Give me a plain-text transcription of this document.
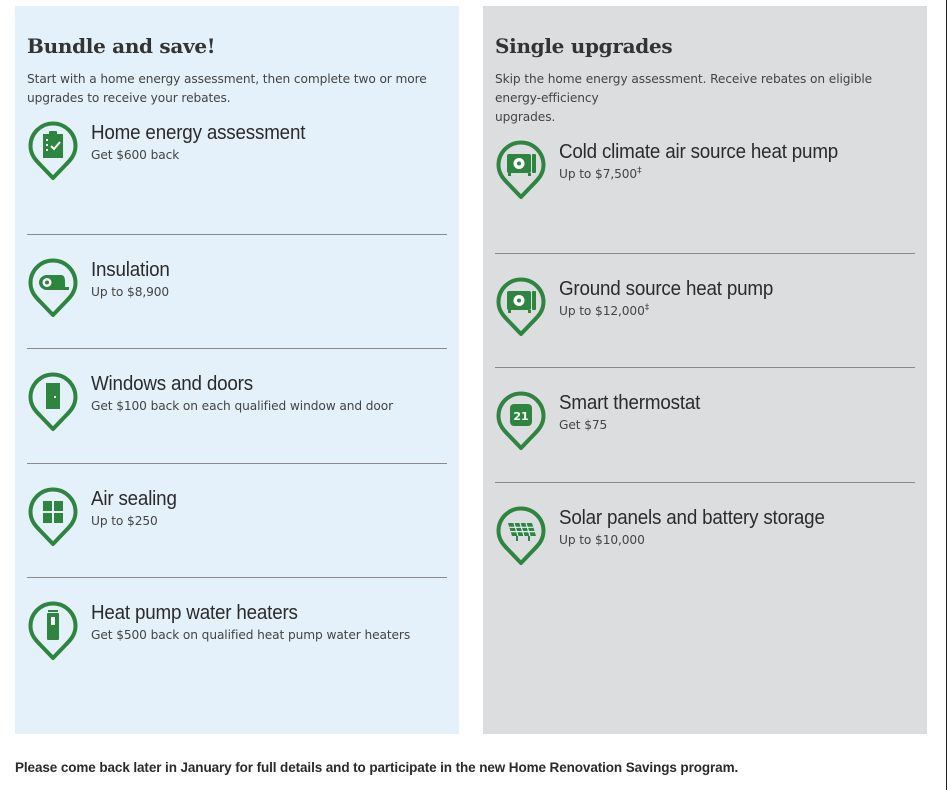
Bundle and save!

Start with a home energy assessment, then complete two or more upgrades to receive your rebates.

Home energy assessment
Get $600 back
Insulation
Up to $8,900
Windows and doors
Get $100 back on each qualified window and door
Air sealing
Up to $250
Heat pump water heaters
Get $500 back on qualified heat pump water heaters
Single upgrades

Skip the home energy assessment. Receive rebates on eligible energy-efficiency
upgrades.

Cold climate air source heat pump
Up to $7,500‡
Ground source heat pump
Up to $12,000‡
21
Smart thermostat
Get $75
Solar panels and battery storage
Up to $10,000

Please come back later in January for full details and to participate in the new Home Renovation Savings program.
